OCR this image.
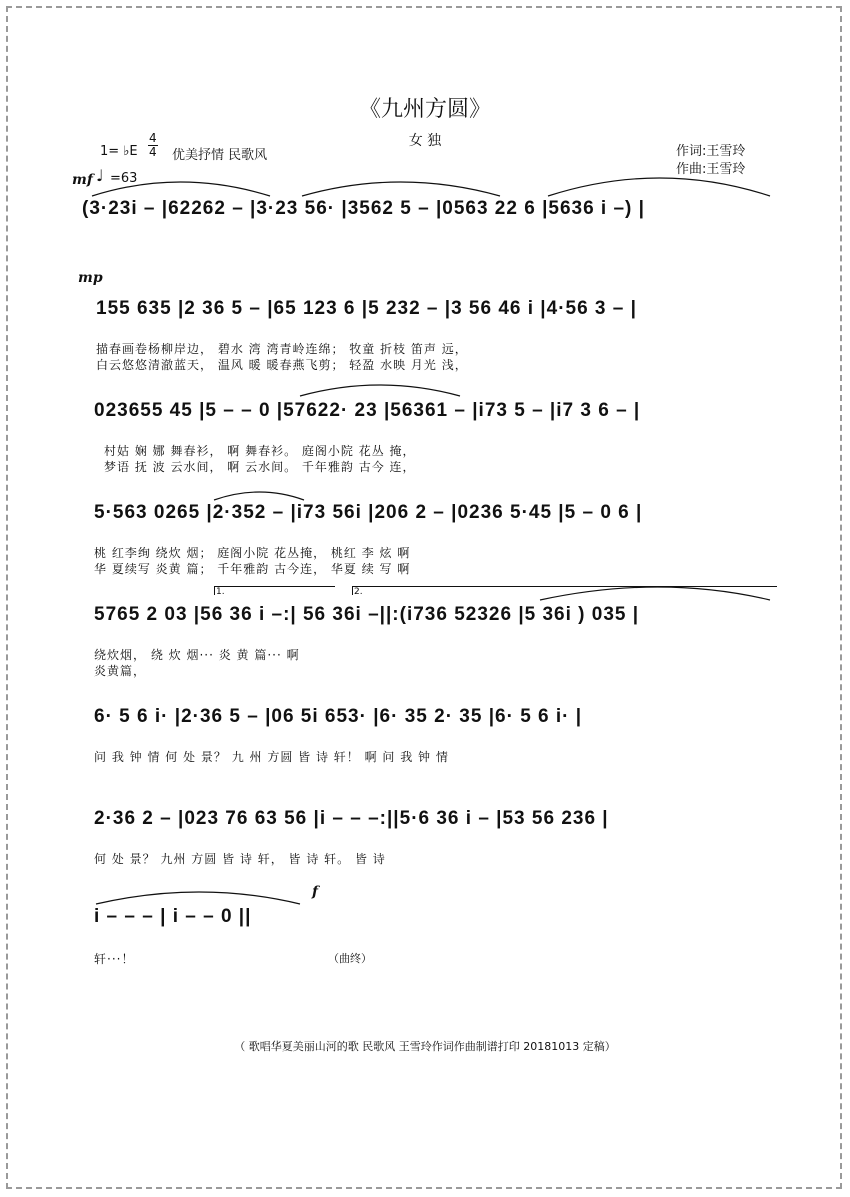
《九州方圆》
女 独
1= ♭E
4
4 优美抒情 民歌风	作词:王雪玲
作曲:王雪玲
mf ♩ =63
(3·23i – |62262 – |3·23 56· |3562 5 – |0563 22 6 |5636 i –) |
mp
155 635 |2 36 5 – |65 123 6 |5 232 – |3 56 46 i |4·56 3 – |
描春画卷杨柳岸边， 碧水 湾 湾青岭连绵； 牧童 折枝 笛声 远，
白云悠悠清澈蓝天， 温风 暖 暖春燕飞剪； 轻盈 水映 月光 浅，
023655 45 |5 – – 0 |57622· 23 |56361 – |i73 5 – |i7 3 6 – |
村姑 娴 娜 舞春衫， 啊 舞春衫。 庭阁小院 花丛 掩，
梦语 抚 波 云水间， 啊 云水间。 千年雅韵 古今 连，
5·563 0265 |2·352 – |i73 56i |206 2 – |0236 5·45 |5 – 0 6 |
桃 红李绚 绕炊 烟； 庭阁小院 花丛掩， 桃红 李 炫 啊
华 夏续写 炎黄 篇； 千年雅韵 古今连， 华夏 续 写 啊
1.	2.
5765 2 03 |56 36 i –:| 56 36i –||:(i736 52326 |5 36i ) 035 |
绕炊烟， 绕 炊 烟··· 炎 黄 篇··· 啊
炎黄篇，
6· 5 6 i· |2·36 5 – |06 5i 653· |6· 35 2· 35 |6· 5 6 i· |
问 我 钟 情 何 处 景？ 九 州 方圆 皆 诗 轩！ 啊 问 我 钟 情
2·36 2 – |023 76 63 56 |i – – –:||5·6 36 i – |53 56 236 |
何 处 景？ 九州 方圆 皆 诗 轩， 皆 诗 轩。 皆 诗
f
i – – – | i – – 0 ||
轩···！	（曲终）
（ 歌唱华夏美丽山河的歌 民歌风 王雪玲作词作曲制谱打印 20181013 定稿）
